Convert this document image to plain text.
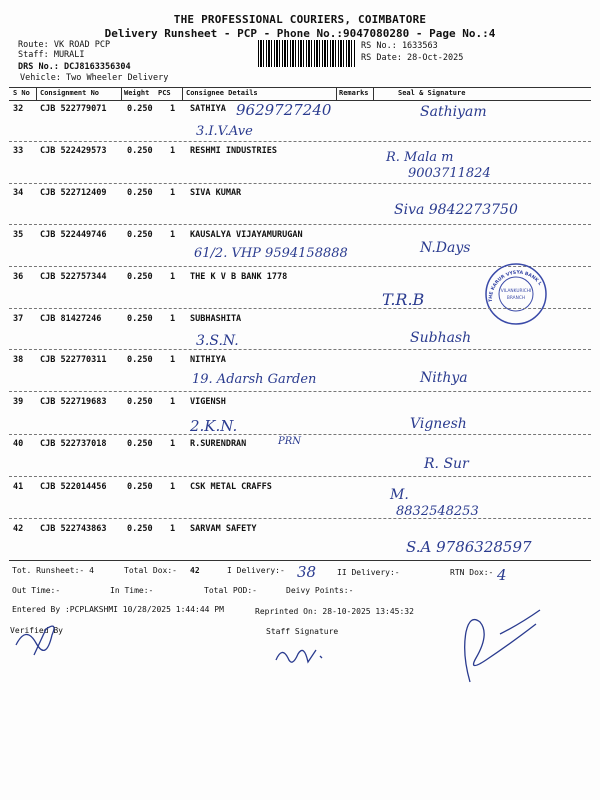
THE PROFESSIONAL COURIERS, COIMBATORE
Delivery Runsheet - PCP - Phone No.:9047080280 - Page No.:4
Route: VK ROAD PCP
Staff: MURALI
DRS No.: DCJ8163356304
Vehicle: Two Wheeler Delivery
RS No.: 1633563
RS Date: 28-Oct-2025
S No Consignment No	Weight PCS Consignee Details	Remarks	Seal & Signature
32 CJB 522779071 0.250 1 SATHIYA 9629727240
3.I.V.Ave
Sathiyam
33 CJB 522429573 0.250 1 RESHMI INDUSTRIES	R. Mala m
9003711824
34 CJB 522712409 0.250 1 SIVA KUMAR
Siva 9842273750
35 CJB 522449746 0.250 1 KAUSALYA VIJAYAMURUGAN
61/2. VHP 9594158888	N.Days
36 CJB 522757344 0.250 1 THE K V B BANK 1778
T.R.B	VILANKURICHI
BRANCH
THE KARUR VYSYA BANK L
37 CJB 81427246	0.250 1 SUBHASHITA
3.S.N.	Subhash
38 CJB 522770311 0.250 1 NITHIYA
19. Adarsh Garden	Nithya
39 CJB 522719683 0.250 1 VIGENSH
2.K.N.	Vignesh
40 CJB 522737018 0.250 1 R.SURENDRAN	PRN
R. Sur
41 CJB 522014456 0.250 1 CSK METAL CRAFFS	M.
8832548253
42 CJB 522743863 0.250 1 SARVAM SAFETY
S.A 9786328597
Tot. Runsheet:- 4	Total Dox:- 42	I Delivery:- 38	II Delivery:-	RTN Dox:- 4
Out Time:-	In Time:-	Total POD:-	Deivy Points:-
Entered By :PCPLAKSHMI 10/28/2025 1:44:44 PM	Reprinted On: 28-10-2025 13:45:32
Verified By	Staff Signature
